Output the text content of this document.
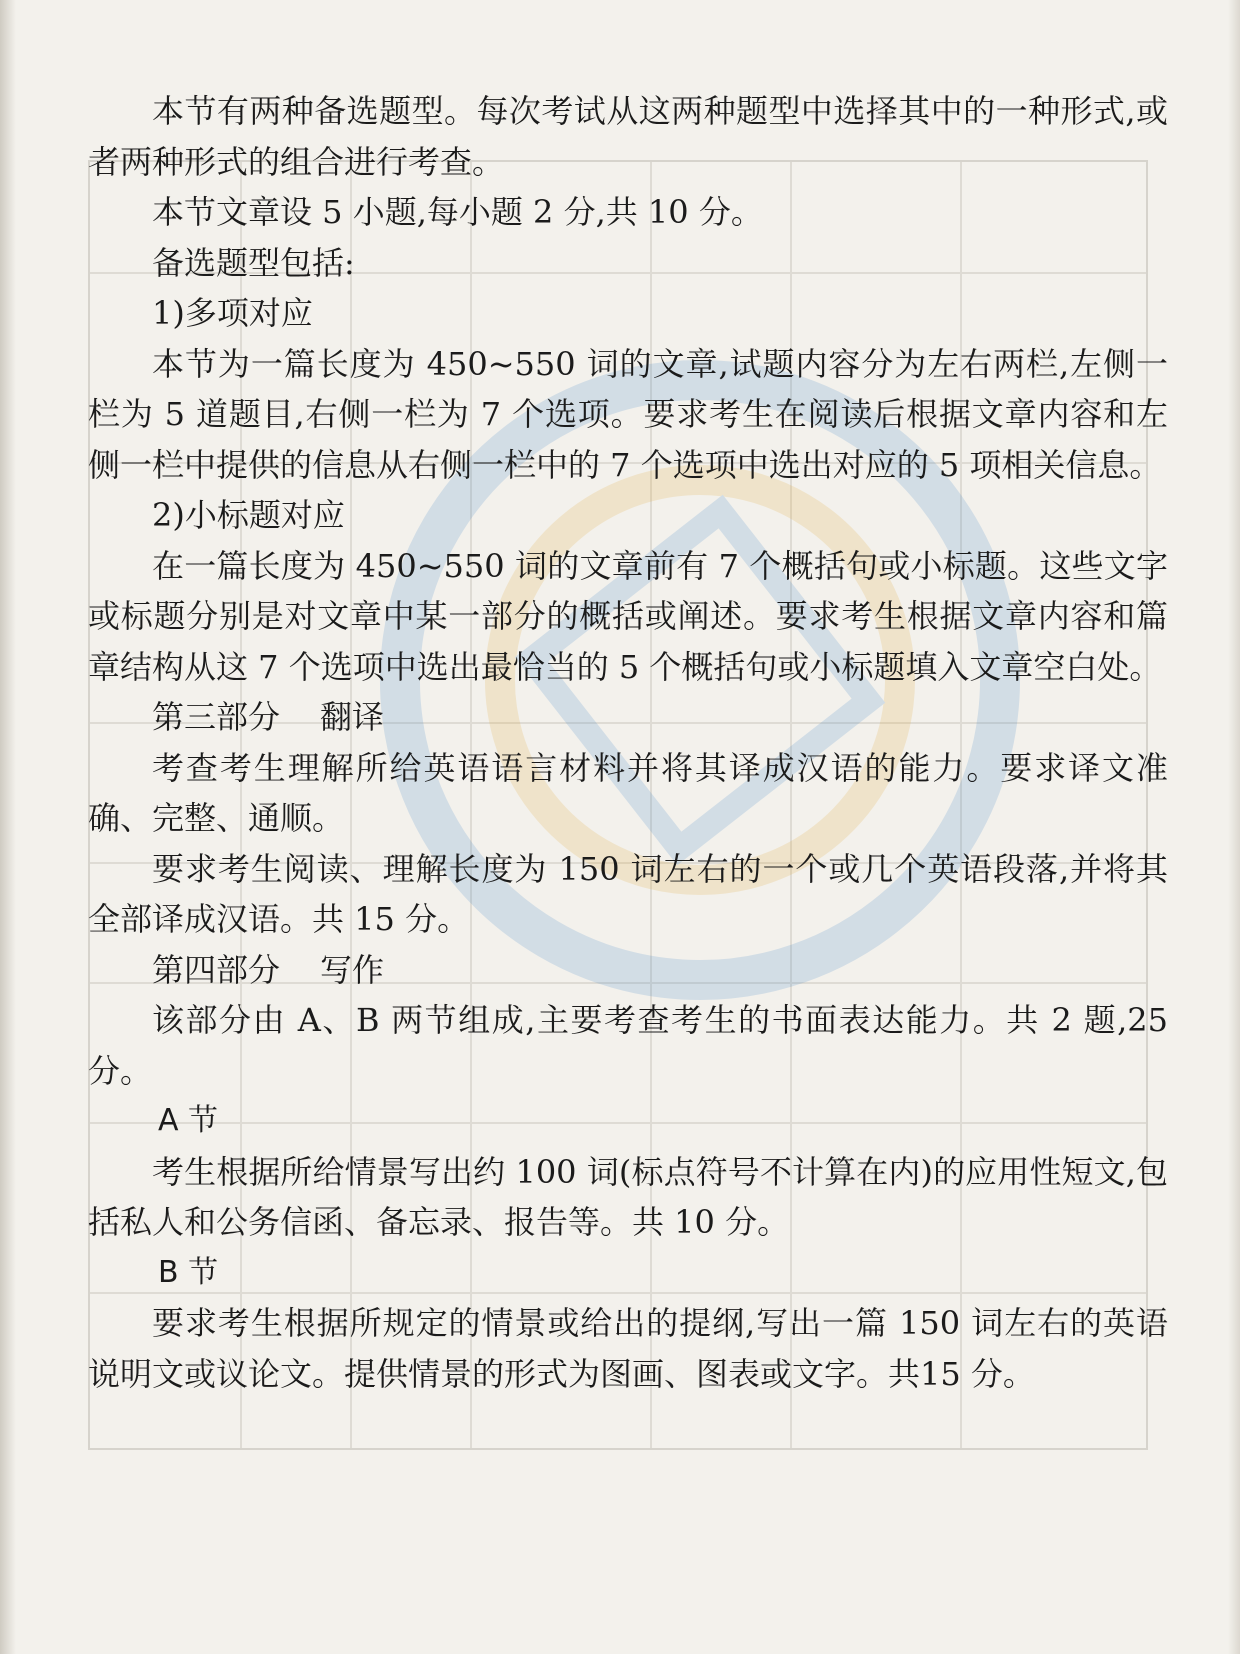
本节有两种备选题型。每次考试从这两种题型中选择其中的一种形式,或者两种形式的组合进行考查。

本节文章设 5 小题,每小题 2 分,共 10 分。

备选题型包括:

1)多项对应

本节为一篇长度为 450~550 词的文章,试题内容分为左右两栏,左侧一栏为 5 道题目,右侧一栏为 7 个选项。要求考生在阅读后根据文章内容和左侧一栏中提供的信息从右侧一栏中的 7 个选项中选出对应的 5 项相关信息。

2)小标题对应

在一篇长度为 450~550 词的文章前有 7 个概括句或小标题。这些文字或标题分别是对文章中某一部分的概括或阐述。要求考生根据文章内容和篇章结构从这 7 个选项中选出最恰当的 5 个概括句或小标题填入文章空白处。

第三部分 翻译

考查考生理解所给英语语言材料并将其译成汉语的能力。要求译文准确、完整、通顺。

要求考生阅读、理解长度为 150 词左右的一个或几个英语段落,并将其全部译成汉语。共 15 分。

第四部分 写作

该部分由 A、B 两节组成,主要考查考生的书面表达能力。共 2 题,25 分。

A 节

考生根据所给情景写出约 100 词(标点符号不计算在内)的应用性短文,包括私人和公务信函、备忘录、报告等。共 10 分。

B 节

要求考生根据所规定的情景或给出的提纲,写出一篇 150 词左右的英语说明文或议论文。提供情景的形式为图画、图表或文字。共15 分。
